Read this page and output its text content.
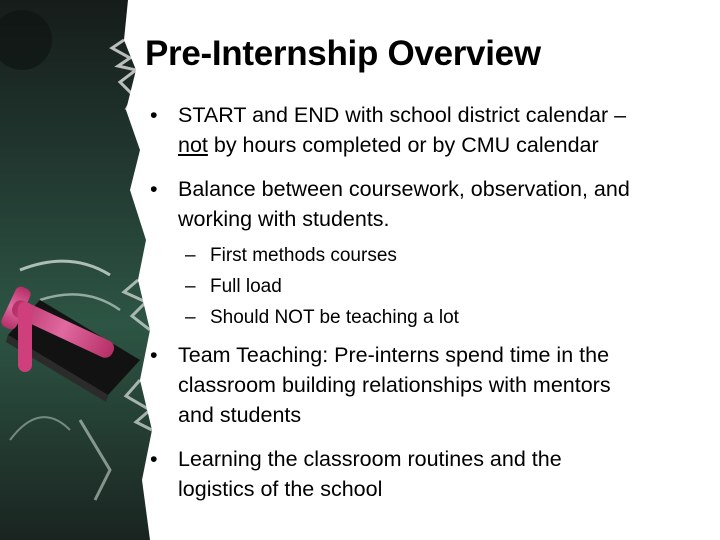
Pre-Internship Overview
• START and END with school district calendar –
not by hours completed or by CMU calendar
• Balance between coursework, observation, and
working with students.
– First methods courses
– Full load
– Should NOT be teaching a lot
• Team Teaching: Pre-interns spend time in the
classroom building relationships with mentors
and students
• Learning the classroom routines and the
logistics of the school
